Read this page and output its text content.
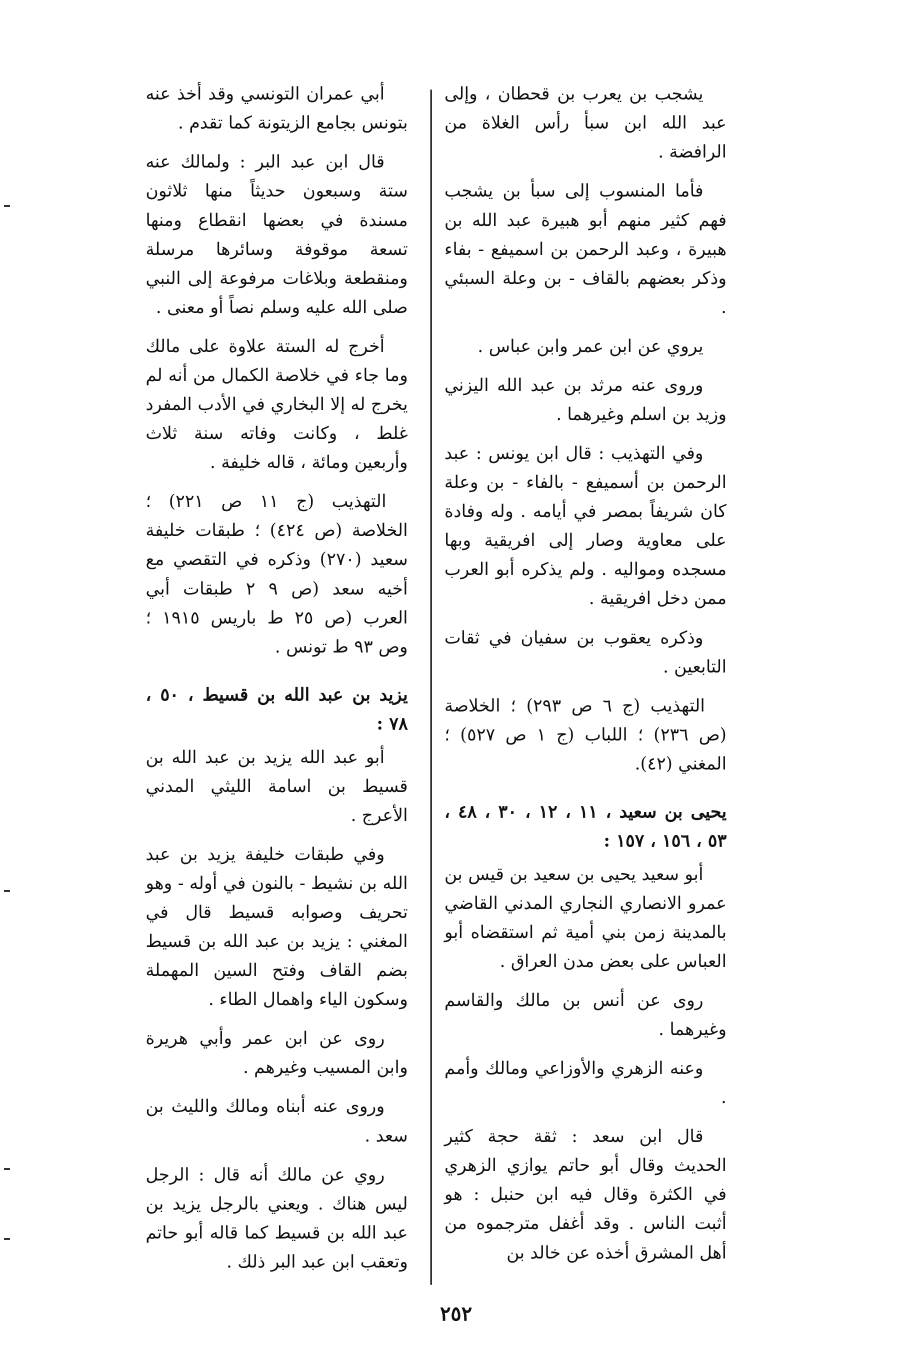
يشجب بن يعرب بن قحطان ، وإلى عبد الله ابن سبأ رأس الغلاة من الرافضة .

فأما المنسوب إلى سبأ بن يشجب فهم كثير منهم أبو هبيرة عبد الله بن هبيرة ، وعبد الرحمن بن اسميفع - بفاء وذكر بعضهم بالقاف - بن وعلة السبئي .

يروي عن ابن عمر وابن عباس .

وروى عنه مرثد بن عبد الله اليزني وزيد بن اسلم وغيرهما .

وفي التهذيب : قال ابن يونس : عبد الرحمن بن أسميفع - بالفاء - بن وعلة كان شريفاً بمصر في أيامه . وله وفادة على معاوية وصار إلى افريقية وبها مسجده ومواليه . ولم يذكره أبو العرب ممن دخل افريقية .

وذكره يعقوب بن سفيان في ثقات التابعين .

التهذيب (ج ٦ ص ٢٩٣) ؛ الخلاصة (ص ٢٣٦) ؛ اللباب (ج ١ ص ٥٢٧) ؛ المغني (٤٢).

يحيى بن سعيد ، ١١ ، ١٢ ، ٣٠ ، ٤٨ ، ٥٣ ، ١٥٦ ، ١٥٧ :

أبو سعيد يحيى بن سعيد بن قيس بن عمرو الانصاري النجاري المدني القاضي بالمدينة زمن بني أمية ثم استقضاه أبو العباس على بعض مدن العراق .

روى عن أنس بن مالك والقاسم وغيرهما .

وعنه الزهري والأوزاعي ومالك وأمم .

قال ابن سعد : ثقة حجة كثير الحديث وقال أبو حاتم يوازي الزهري في الكثرة وقال فيه ابن حنبل : هو أثبت الناس . وقد أغفل مترجموه من أهل المشرق أخذه عن خالد بن

أبي عمران التونسي وقد أخذ عنه بتونس بجامع الزيتونة كما تقدم .

قال ابن عبد البر : ولمالك عنه ستة وسبعون حديثاً منها ثلاثون مسندة في بعضها انقطاع ومنها تسعة موقوفة وسائرها مرسلة ومنقطعة وبلاغات مرفوعة إلى النبي صلى الله عليه وسلم نصاً أو معنى .

أخرج له الستة علاوة على مالك وما جاء في خلاصة الكمال من أنه لم يخرج له إلا البخاري في الأدب المفرد غلط ، وكانت وفاته سنة ثلاث وأربعين ومائة ، قاله خليفة .

التهذيب (ج ١١ ص ٢٢١) ؛ الخلاصة (ص ٤٢٤) ؛ طبقات خليفة سعيد (٢٧٠) وذكره في التقصي مع أخيه سعد (ص ٩ ٢ طبقات أبي العرب (ص ٢٥ ط باريس ١٩١٥ ؛ وص ٩٣ ط تونس .

يزيد بن عبد الله بن قسيط ، ٥٠ ، ٧٨ :

أبو عبد الله يزيد بن عبد الله بن قسيط بن اسامة الليثي المدني الأعرج .

وفي طبقات خليفة يزيد بن عبد الله بن نشيط - بالنون في أوله - وهو تحريف وصوابه قسيط قال في المغني : يزيد بن عبد الله بن قسيط بضم القاف وفتح السين المهملة وسكون الياء واهمال الطاء .

روى عن ابن عمر وأبي هريرة وابن المسيب وغيرهم .

وروى عنه أبناه ومالك والليث بن سعد .

روي عن مالك أنه قال : الرجل ليس هناك . ويعني بالرجل يزيد بن عبد الله بن قسيط كما قاله أبو حاتم وتعقب ابن عبد البر ذلك .

٢٥٢
